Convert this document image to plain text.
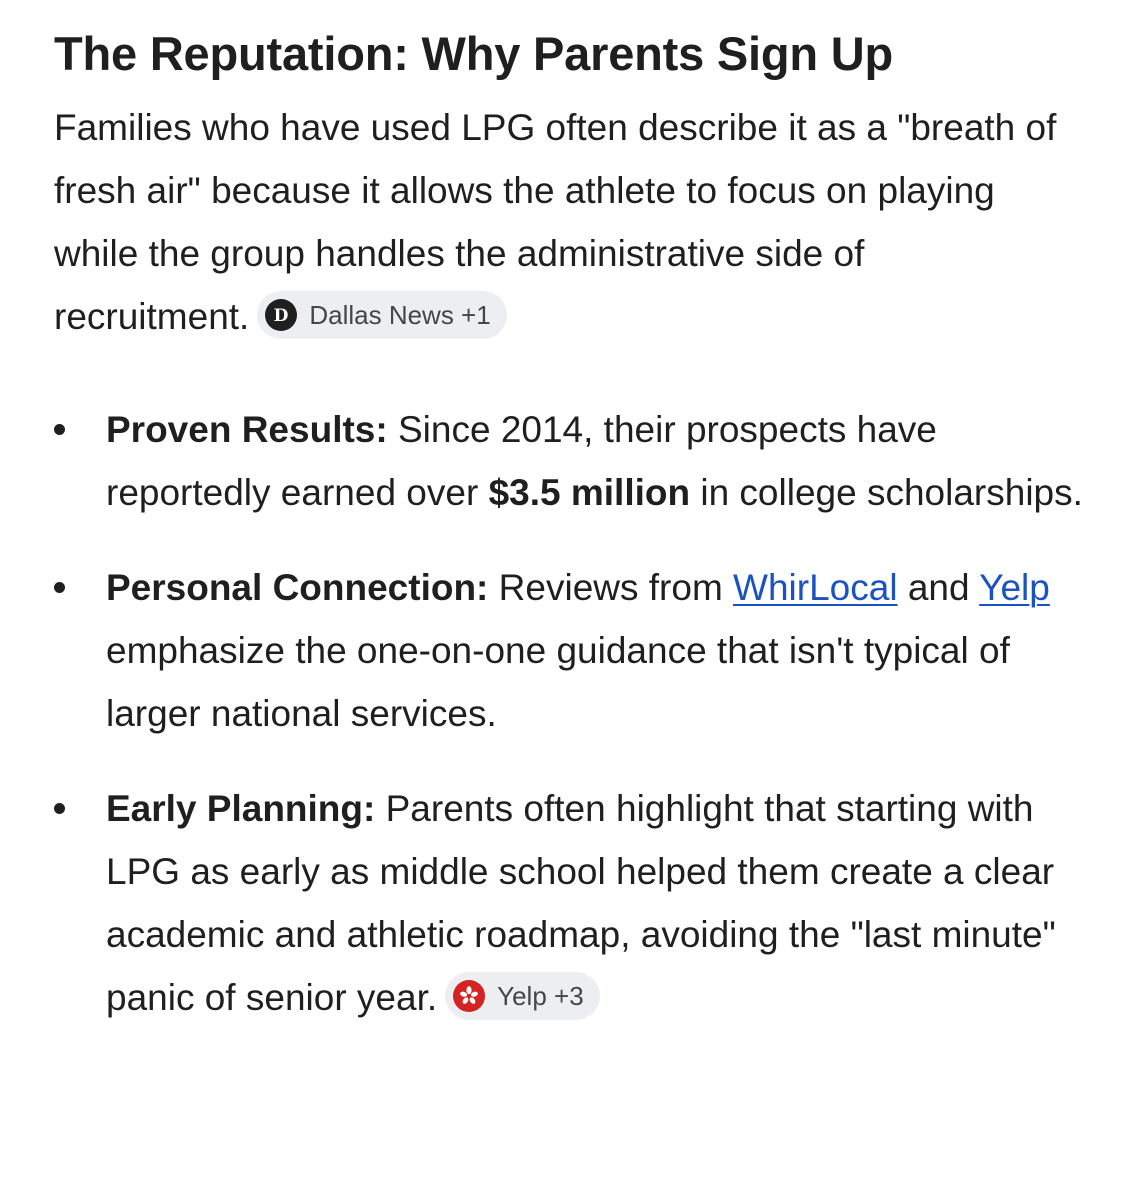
The Reputation: Why Parents Sign Up

Families who have used LPG often describe it as a "breath of fresh air" because it allows the athlete to focus on playing while the group handles the administrative side of recruitment. D Dallas News +1

Proven Results: Since 2014, their prospects have reportedly earned over $3.5 million in college scholarships.
Personal Connection: Reviews from WhirLocal and Yelp emphasize the one-on-one guidance that isn't typical of larger national services.
Early Planning: Parents often highlight that starting with LPG as early as middle school helped them create a clear academic and athletic roadmap, avoiding the "last minute" panic of senior year. Yelp +3
